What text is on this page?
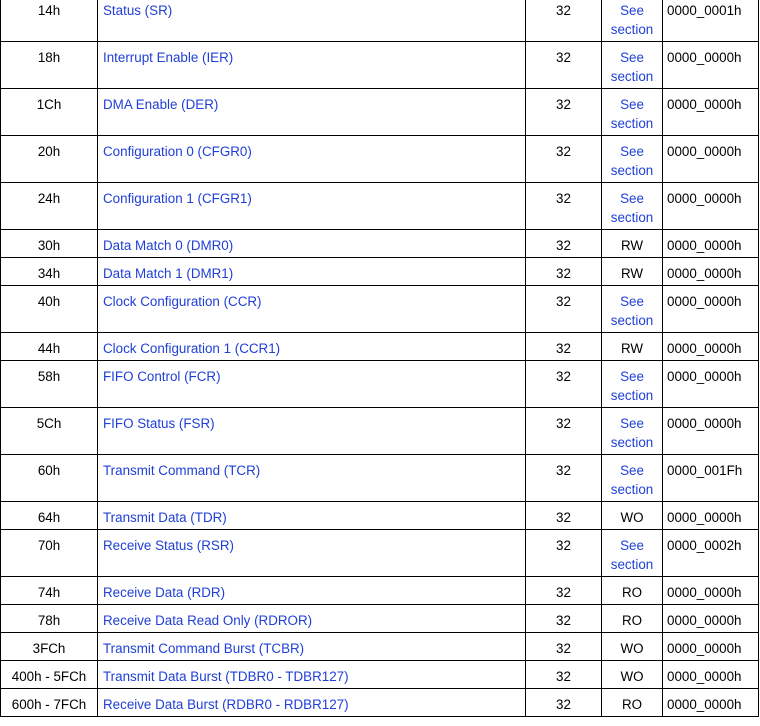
14h	Status (SR)	32	See
section	0000_0001h

18h	Interrupt Enable (IER)	32	See
section	0000_0000h

1Ch	DMA Enable (DER)	32	See
section	0000_0000h

20h	Configuration 0 (CFGR0)	32	See
section	0000_0000h

24h	Configuration 1 (CFGR1)	32	See
section	0000_0000h

30h	Data Match 0 (DMR0)	32	RW	0000_0000h

34h	Data Match 1 (DMR1)	32	RW	0000_0000h

40h	Clock Configuration (CCR)	32	See
section	0000_0000h

44h	Clock Configuration 1 (CCR1)	32	RW	0000_0000h

58h	FIFO Control (FCR)	32	See
section	0000_0000h

5Ch	FIFO Status (FSR)	32	See
section	0000_0000h

60h	Transmit Command (TCR)	32	See
section	0000_001Fh

64h	Transmit Data (TDR)	32	WO	0000_0000h

70h	Receive Status (RSR)	32	See
section	0000_0002h

74h	Receive Data (RDR)	32	RO	0000_0000h

78h	Receive Data Read Only (RDROR)	32	RO	0000_0000h

3FCh	Transmit Command Burst (TCBR)	32	WO	0000_0000h

400h - 5FCh	Transmit Data Burst (TDBR0 - TDBR127)	32	WO	0000_0000h

600h - 7FCh	Receive Data Burst (RDBR0 - RDBR127)	32	RO	0000_0000h
